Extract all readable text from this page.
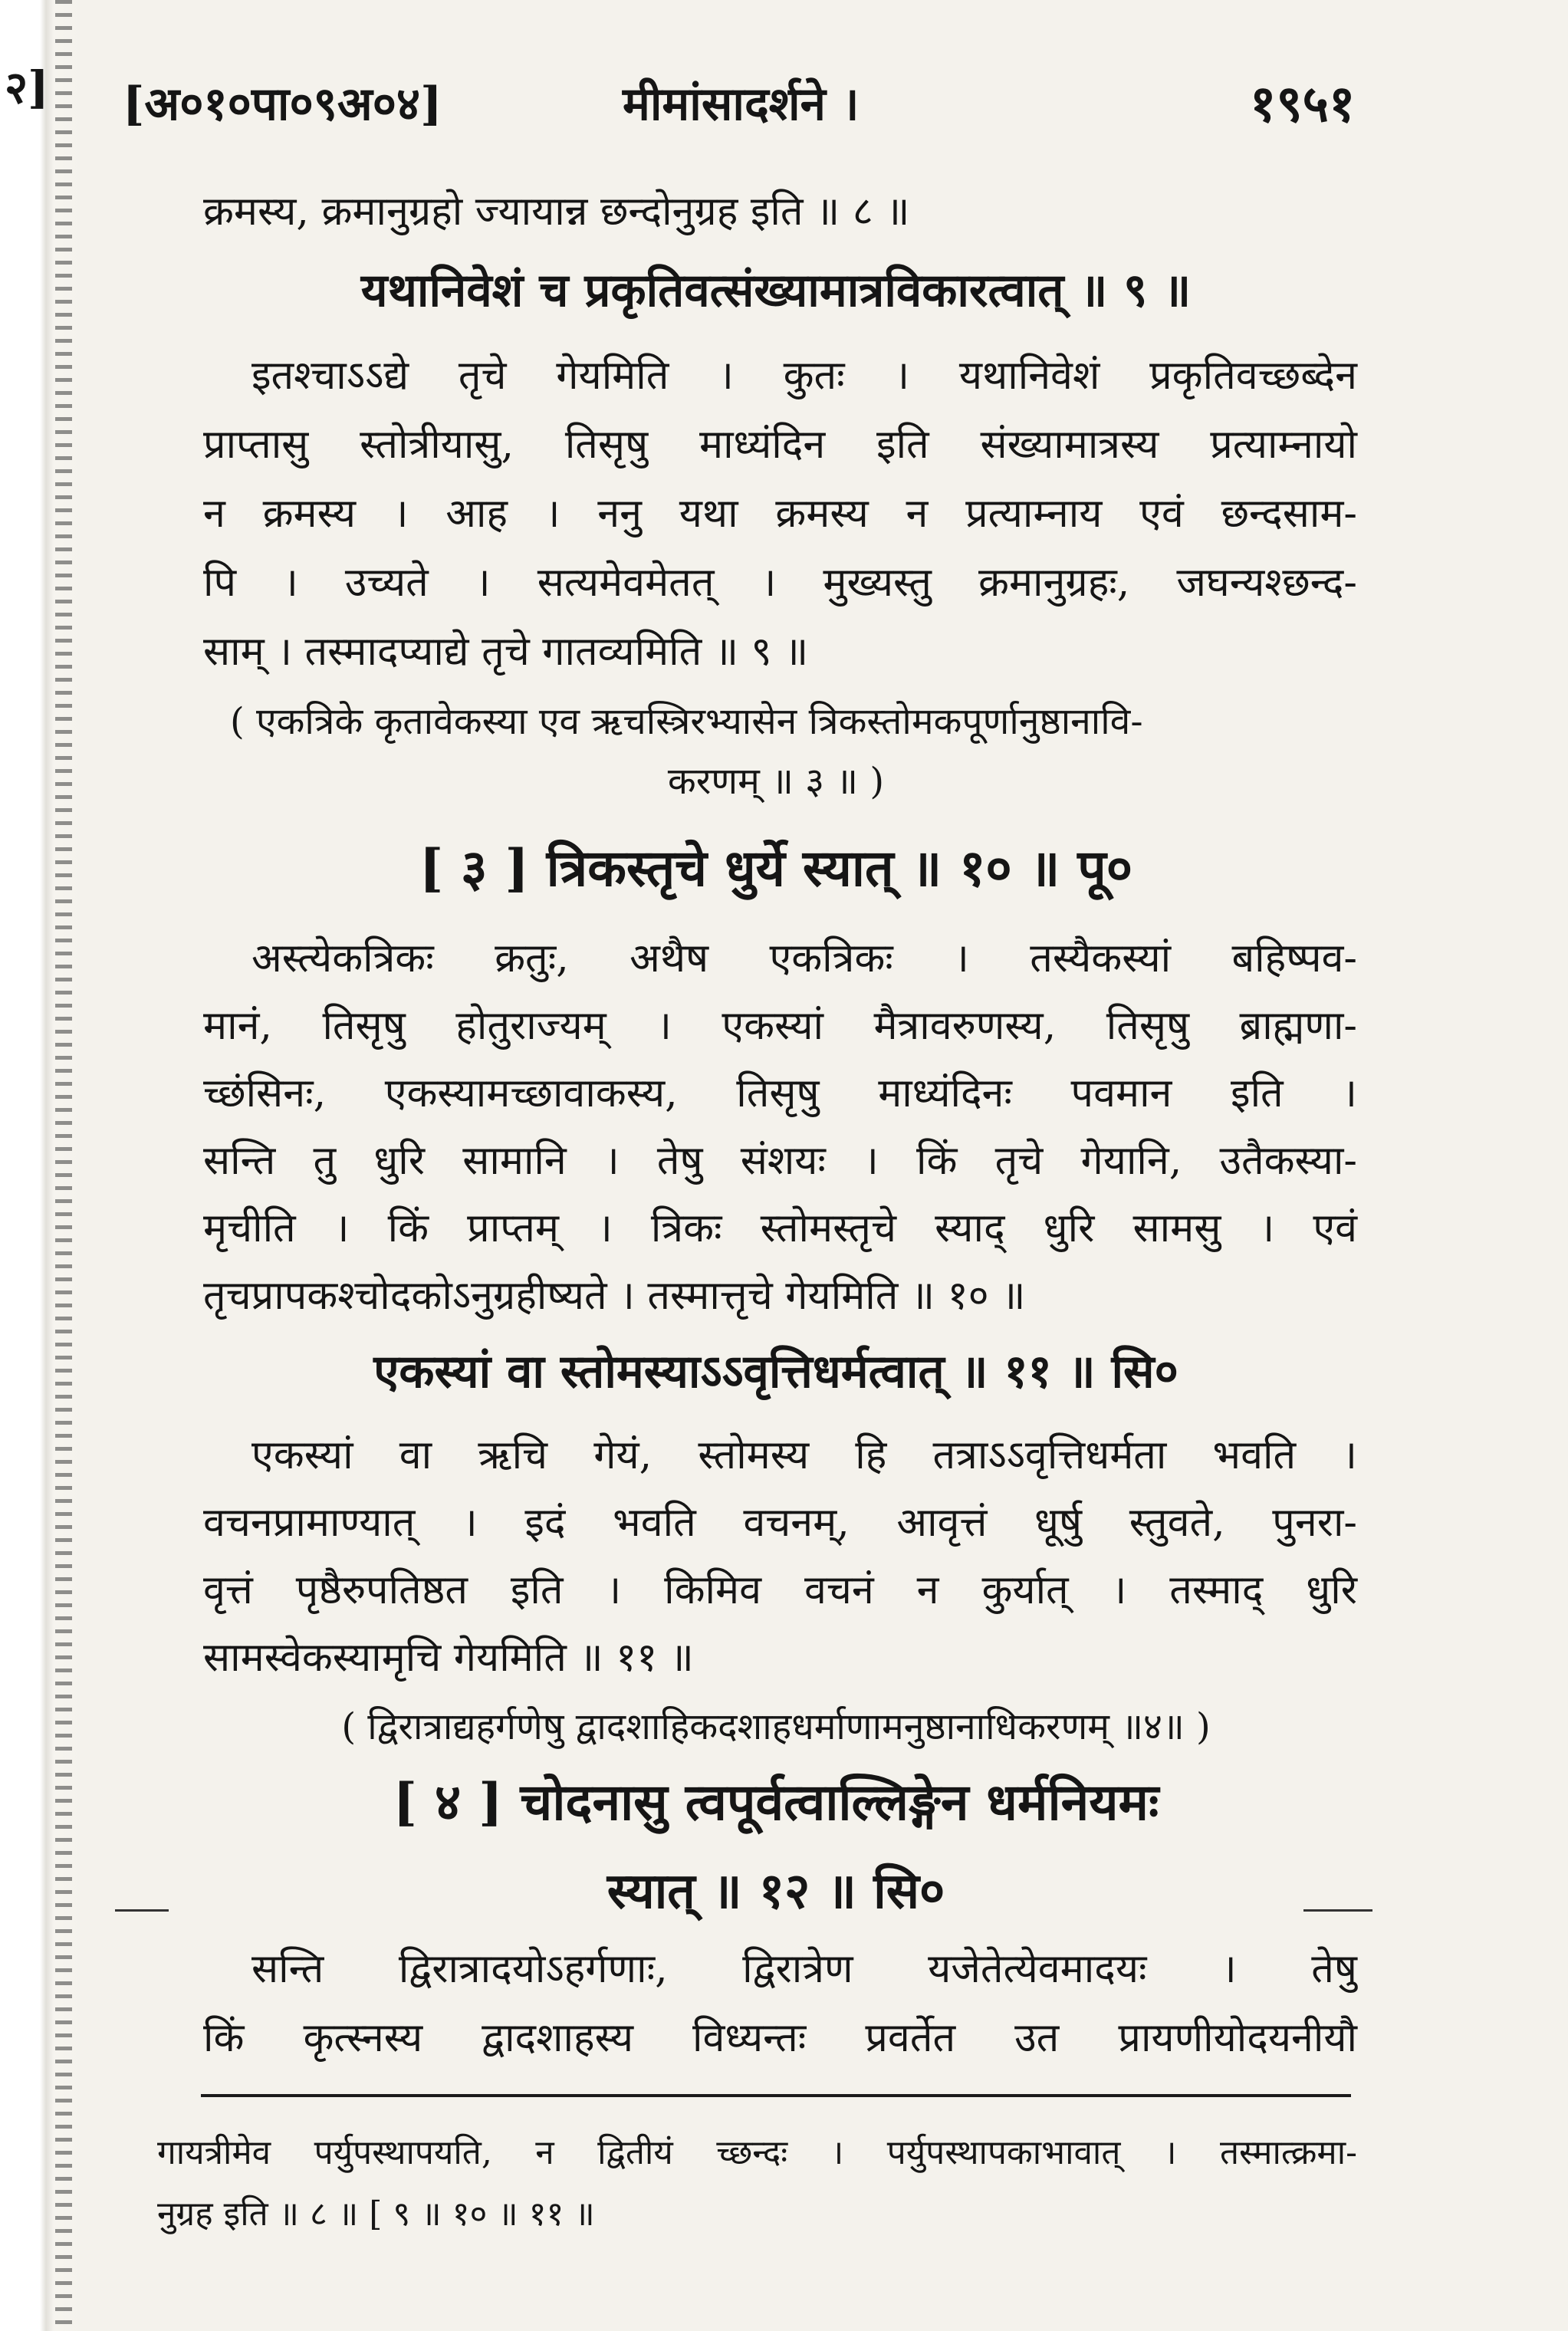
२] [अ०१०पा०९अ०४]	मीमांसादर्शने ।	१९५१
क्रमस्य, क्रमानुग्रहो ज्यायान्न छन्दोनुग्रह इति ॥ ८ ॥
यथानिवेशं च प्रकृतिवत्संख्यामात्रविकारत्वात् ॥ ९ ॥
इतश्चाऽऽद्ये तृचे गेयमिति । कुतः । यथानिवेशं प्रकृतिवच्छब्देन
प्राप्तासु स्तोत्रीयासु, तिसृषु माध्यंदिन इति संख्यामात्रस्य प्रत्याम्नायो
न क्रमस्य । आह । ननु यथा क्रमस्य न प्रत्याम्नाय एवं छन्दसाम-
पि । उच्यते । सत्यमेवमेतत् । मुख्यस्तु क्रमानुग्रहः, जघन्यश्छन्द-
साम् । तस्मादप्याद्ये तृचे गातव्यमिति ॥ ९ ॥
( एकत्रिके कृतावेकस्या एव ऋचस्त्रिरभ्यासेन त्रिकस्तोमकपूर्णानुष्ठानावि-
करणम् ॥ ३ ॥ )
[ ३ ] त्रिकस्तृचे धुर्ये स्यात् ॥ १० ॥ पू०
अस्त्येकत्रिकः क्रतुः, अथैष एकत्रिकः । तस्यैकस्यां बहिष्पव-
मानं, तिसृषु होतुराज्यम् । एकस्यां मैत्रावरुणस्य, तिसृषु ब्राह्मणा-
च्छंसिनः, एकस्यामच्छावाकस्य, तिसृषु माध्यंदिनः पवमान इति ।
सन्ति तु धुरि सामानि । तेषु संशयः । किं तृचे गेयानि, उतैकस्या-
मृचीति । किं प्राप्तम् । त्रिकः स्तोमस्तृचे स्याद् धुरि सामसु । एवं
तृचप्रापकश्चोदकोऽनुग्रहीष्यते । तस्मात्तृचे गेयमिति ॥ १० ॥
एकस्यां वा स्तोमस्याऽऽवृत्तिधर्मत्वात् ॥ ११ ॥ सि०
एकस्यां वा ऋचि गेयं, स्तोमस्य हि तत्राऽऽवृत्तिधर्मता भवति ।
वचनप्रामाण्यात् । इदं भवति वचनम्, आवृत्तं धूर्षु स्तुवते, पुनरा-
वृत्तं पृष्ठैरुपतिष्ठत इति । किमिव वचनं न कुर्यात् । तस्माद् धुरि
सामस्वेकस्यामृचि गेयमिति ॥ ११ ॥
( द्विरात्राद्यहर्गणेषु द्वादशाहिकदशाहधर्माणामनुष्ठानाधिकरणम् ॥४॥ )
[ ४ ] चोदनासु त्वपूर्वत्वाल्लिङ्गेन धर्मनियमः
स्यात् ॥ १२ ॥ सि०
सन्ति द्विरात्रादयोऽहर्गणाः, द्विरात्रेण यजेतेत्येवमादयः । तेषु
किं कृत्स्नस्य द्वादशाहस्य विध्यन्तः प्रवर्तेत उत प्रायणीयोदयनीयौ
गायत्रीमेव पर्युपस्थापयति, न द्वितीयं च्छन्दः । पर्युपस्थापकाभावात् । तस्मात्क्रमा-
नुग्रह इति ॥ ८ ॥ [ ९ ॥ १० ॥ ११ ॥
